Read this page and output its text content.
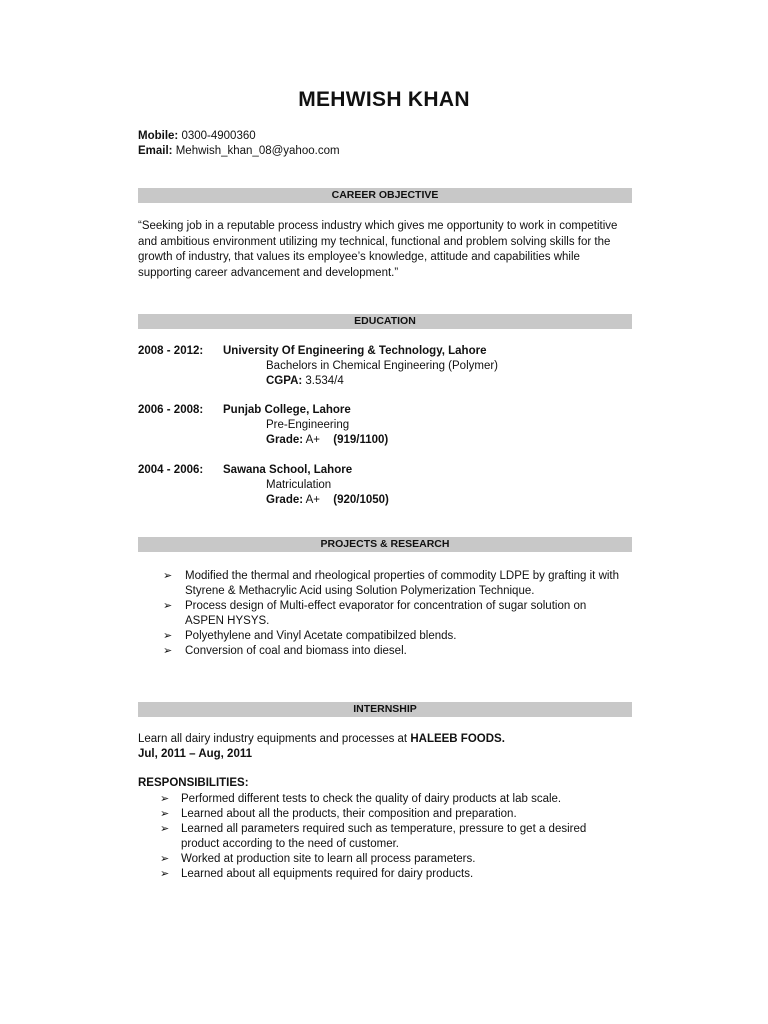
MEHWISH KHAN
Mobile: 0300-4900360
Email: Mehwish_khan_08@yahoo.com
CAREER OBJECTIVE
“Seeking job in a reputable process industry which gives me opportunity to work in competitive and ambitious environment utilizing my technical, functional and problem solving skills for the growth of industry, that values its employee’s knowledge, attitude and capabilities while supporting career advancement and development.”
EDUCATION
2008 - 2012: University Of Engineering & Technology, Lahore
Bachelors in Chemical Engineering (Polymer)
CGPA: 3.534/4
2006 - 2008: Punjab College, Lahore
Pre-Engineering
Grade: A+ (919/1100)
2004 - 2006: Sawana School, Lahore
Matriculation
Grade: A+ (920/1050)
PROJECTS & RESEARCH
➢ Modified the thermal and rheological properties of commodity LDPE by grafting it with Styrene & Methacrylic Acid using Solution Polymerization Technique.
➢ Process design of Multi-effect evaporator for concentration of sugar solution on ASPEN HYSYS.
➢ Polyethylene and Vinyl Acetate compatibilzed blends.
➢ Conversion of coal and biomass into diesel.
INTERNSHIP
Learn all dairy industry equipments and processes at HALEEB FOODS.
Jul, 2011 – Aug, 2011
RESPONSIBILITIES:
➢ Performed different tests to check the quality of dairy products at lab scale.
➢ Learned about all the products, their composition and preparation.
➢ Learned all parameters required such as temperature, pressure to get a desired product according to the need of customer.
➢ Worked at production site to learn all process parameters.
➢ Learned about all equipments required for dairy products.
